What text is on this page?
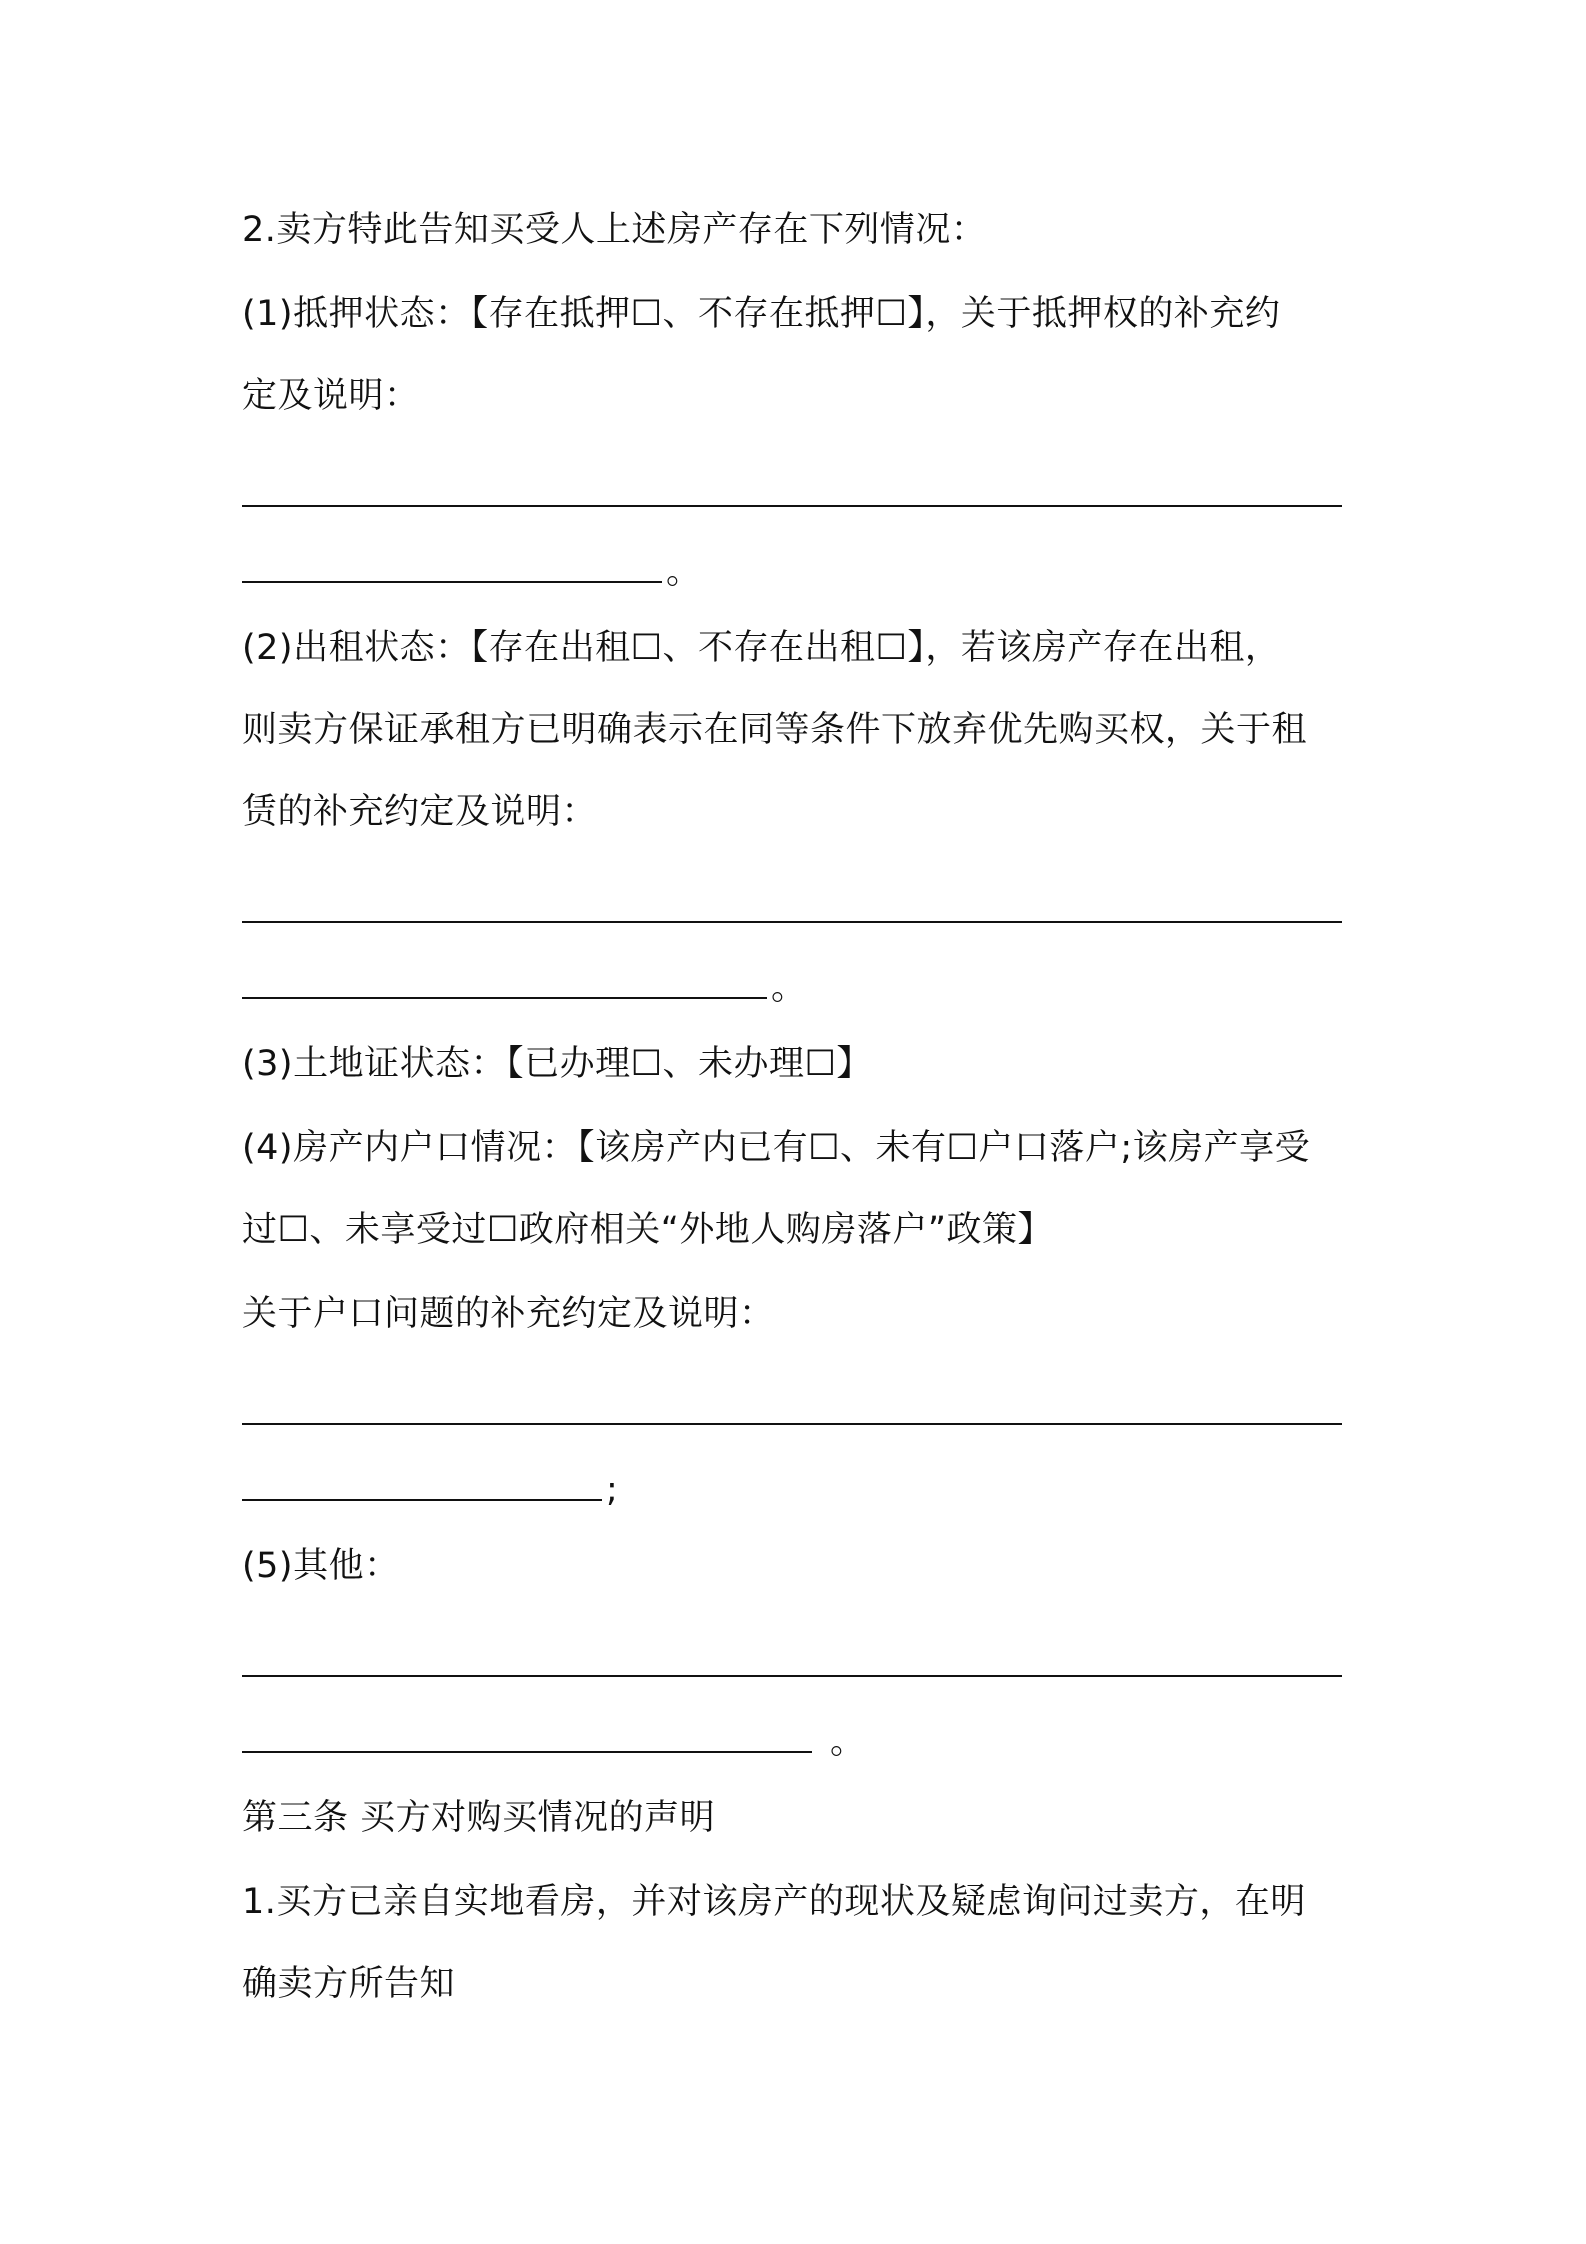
2.卖方特此告知买受人上述房产存在下列情况：
(1)抵押状态：【存在抵押☐、不存在抵押☐】，关于抵押权的补充约
定及说明：
。
(2)出租状态：【存在出租☐、不存在出租☐】，若该房产存在出租，
则卖方保证承租方已明确表示在同等条件下放弃优先购买权，关于租
赁的补充约定及说明：
。
(3)土地证状态：【已办理☐、未办理☐】
(4)房产内户口情况：【该房产内已有☐、未有☐户口落户;该房产享受
过☐、未享受过☐政府相关“外地人购房落户”政策】
关于户口问题的补充约定及说明：
;
(5)其他：
。
第三条 买方对购买情况的声明
1.买方已亲自实地看房，并对该房产的现状及疑虑询问过卖方，在明
确卖方所告知
